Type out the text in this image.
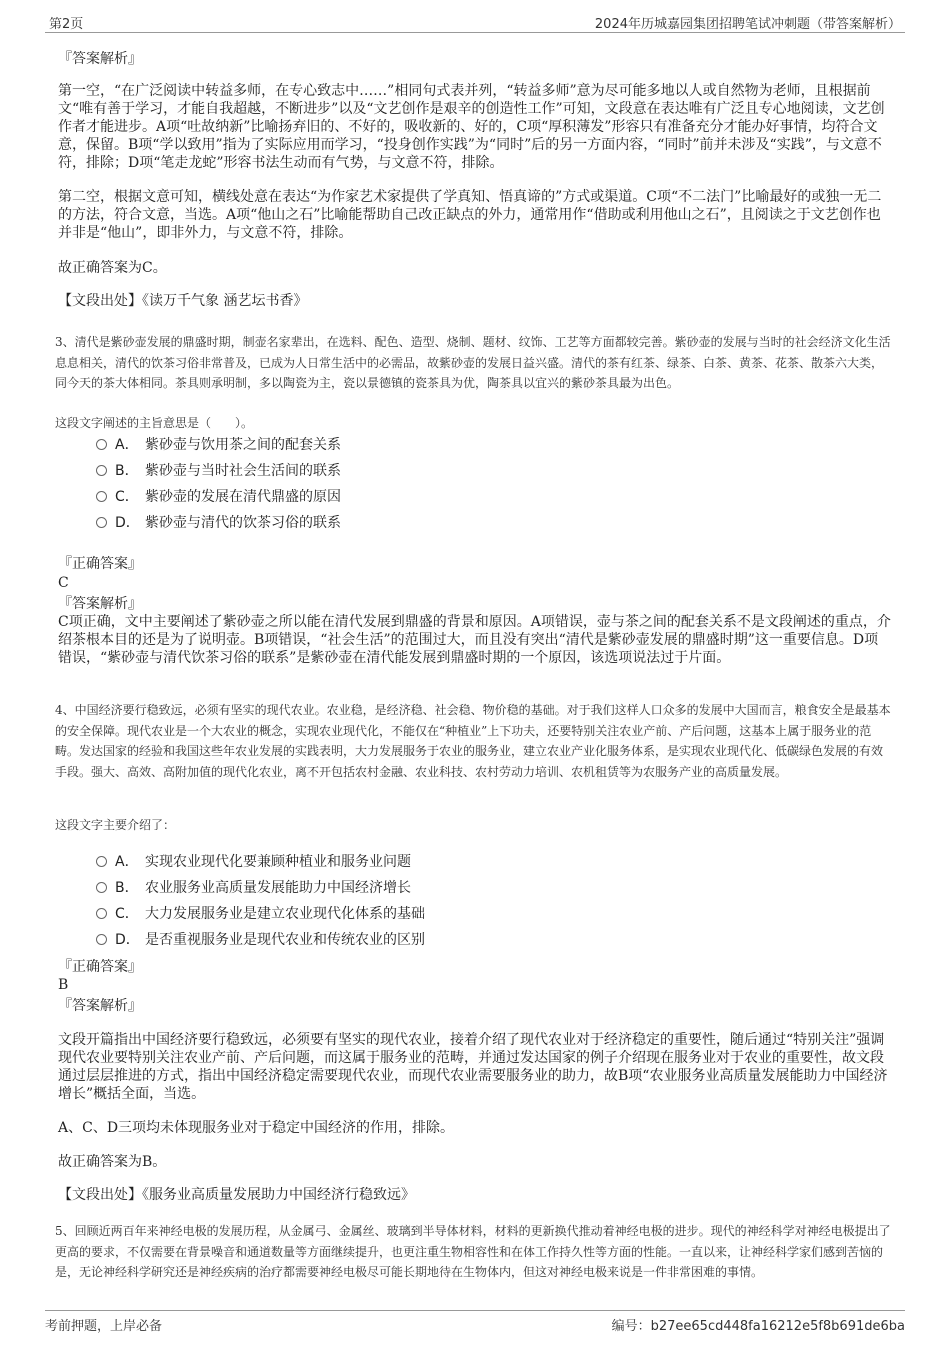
第2页	2024年历城嘉园集团招聘笔试冲刺题（带答案解析）

『答案解析』

第一空，“在广泛阅读中转益多师，在专心致志中……”相同句式表并列，“转益多师”意为尽可能多地以人或自然物为老师，且根据前文“唯有善于学习，才能自我超越，不断进步”以及“文艺创作是艰辛的创造性工作”可知，文段意在表达唯有广泛且专心地阅读，文艺创作者才能进步。A项“吐故纳新”比喻扬弃旧的、不好的，吸收新的、好的，C项“厚积薄发”形容只有准备充分才能办好事情，均符合文意，保留。B项“学以致用”指为了实际应用而学习，“投身创作实践”为“同时”后的另一方面内容，“同时”前并未涉及“实践”，与文意不符，排除；D项“笔走龙蛇”形容书法生动而有气势，与文意不符，排除。

第二空，根据文意可知，横线处意在表达“为作家艺术家提供了学真知、悟真谛的”方式或渠道。C项“不二法门”比喻最好的或独一无二的方法，符合文意，当选。A项“他山之石”比喻能帮助自己改正缺点的外力，通常用作“借助或利用他山之石”，且阅读之于文艺创作也并非是“他山”，即非外力，与文意不符，排除。

故正确答案为C。

【文段出处】《读万千气象 涵艺坛书香》

3、清代是紫砂壶发展的鼎盛时期，制壶名家辈出，在选料、配色、造型、烧制、题材、纹饰、工艺等方面都较完善。紫砂壶的发展与当时的社会经济文化生活息息相关，清代的饮茶习俗非常普及，已成为人日常生活中的必需品，故紫砂壶的发展日益兴盛。清代的茶有红茶、绿茶、白茶、黄茶、花茶、散茶六大类，同今天的茶大体相同。茶具则承明制，多以陶瓷为主，瓷以景德镇的瓷茶具为优，陶茶具以宜兴的紫砂茶具最为出色。

这段文字阐述的主旨意思是（　　）。

A． 紫砂壶与饮用茶之间的配套关系
B． 紫砂壶与当时社会生活间的联系
C． 紫砂壶的发展在清代鼎盛的原因
D． 紫砂壶与清代的饮茶习俗的联系

『正确答案』

C

『答案解析』

C项正确，文中主要阐述了紫砂壶之所以能在清代发展到鼎盛的背景和原因。A项错误，壶与茶之间的配套关系不是文段阐述的重点，介绍茶根本目的还是为了说明壶。B项错误，“社会生活”的范围过大，而且没有突出“清代是紫砂壶发展的鼎盛时期”这一重要信息。D项错误，“紫砂壶与清代饮茶习俗的联系”是紫砂壶在清代能发展到鼎盛时期的一个原因，该选项说法过于片面。

4、中国经济要行稳致远，必须有坚实的现代农业。农业稳，是经济稳、社会稳、物价稳的基础。对于我们这样人口众多的发展中大国而言，粮食安全是最基本的安全保障。现代农业是一个大农业的概念，实现农业现代化，不能仅在“种植业”上下功夫，还要特别关注农业产前、产后问题，这基本上属于服务业的范畴。发达国家的经验和我国这些年农业发展的实践表明，大力发展服务于农业的服务业，建立农业产业化服务体系，是实现农业现代化、低碳绿色发展的有效手段。强大、高效、高附加值的现代化农业，离不开包括农村金融、农业科技、农村劳动力培训、农机租赁等为农服务产业的高质量发展。

这段文字主要介绍了：

A． 实现农业现代化要兼顾种植业和服务业问题
B． 农业服务业高质量发展能助力中国经济增长
C． 大力发展服务业是建立农业现代化体系的基础
D． 是否重视服务业是现代农业和传统农业的区别

『正确答案』

B

『答案解析』

文段开篇指出中国经济要行稳致远，必须要有坚实的现代农业，接着介绍了现代农业对于经济稳定的重要性，随后通过“特别关注”强调现代农业要特别关注农业产前、产后问题，而这属于服务业的范畴，并通过发达国家的例子介绍现在服务业对于农业的重要性，故文段通过层层推进的方式，指出中国经济稳定需要现代农业，而现代农业需要服务业的助力，故B项“农业服务业高质量发展能助力中国经济增长”概括全面，当选。

A、C、D三项均未体现服务业对于稳定中国经济的作用，排除。

故正确答案为B。

【文段出处】《服务业高质量发展助力中国经济行稳致远》

5、回顾近两百年来神经电极的发展历程，从金属弓、金属丝、玻璃到半导体材料，材料的更新换代推动着神经电极的进步。现代的神经科学对神经电极提出了更高的要求，不仅需要在背景噪音和通道数量等方面继续提升，也更注重生物相容性和在体工作持久性等方面的性能。一直以来，让神经科学家们感到苦恼的是，无论神经科学研究还是神经疾病的治疗都需要神经电极尽可能长期地待在生物体内，但这对神经电极来说是一件非常困难的事情。

考前押题，上岸必备	编号：b27ee65cd448fa16212e5f8b691de6ba
